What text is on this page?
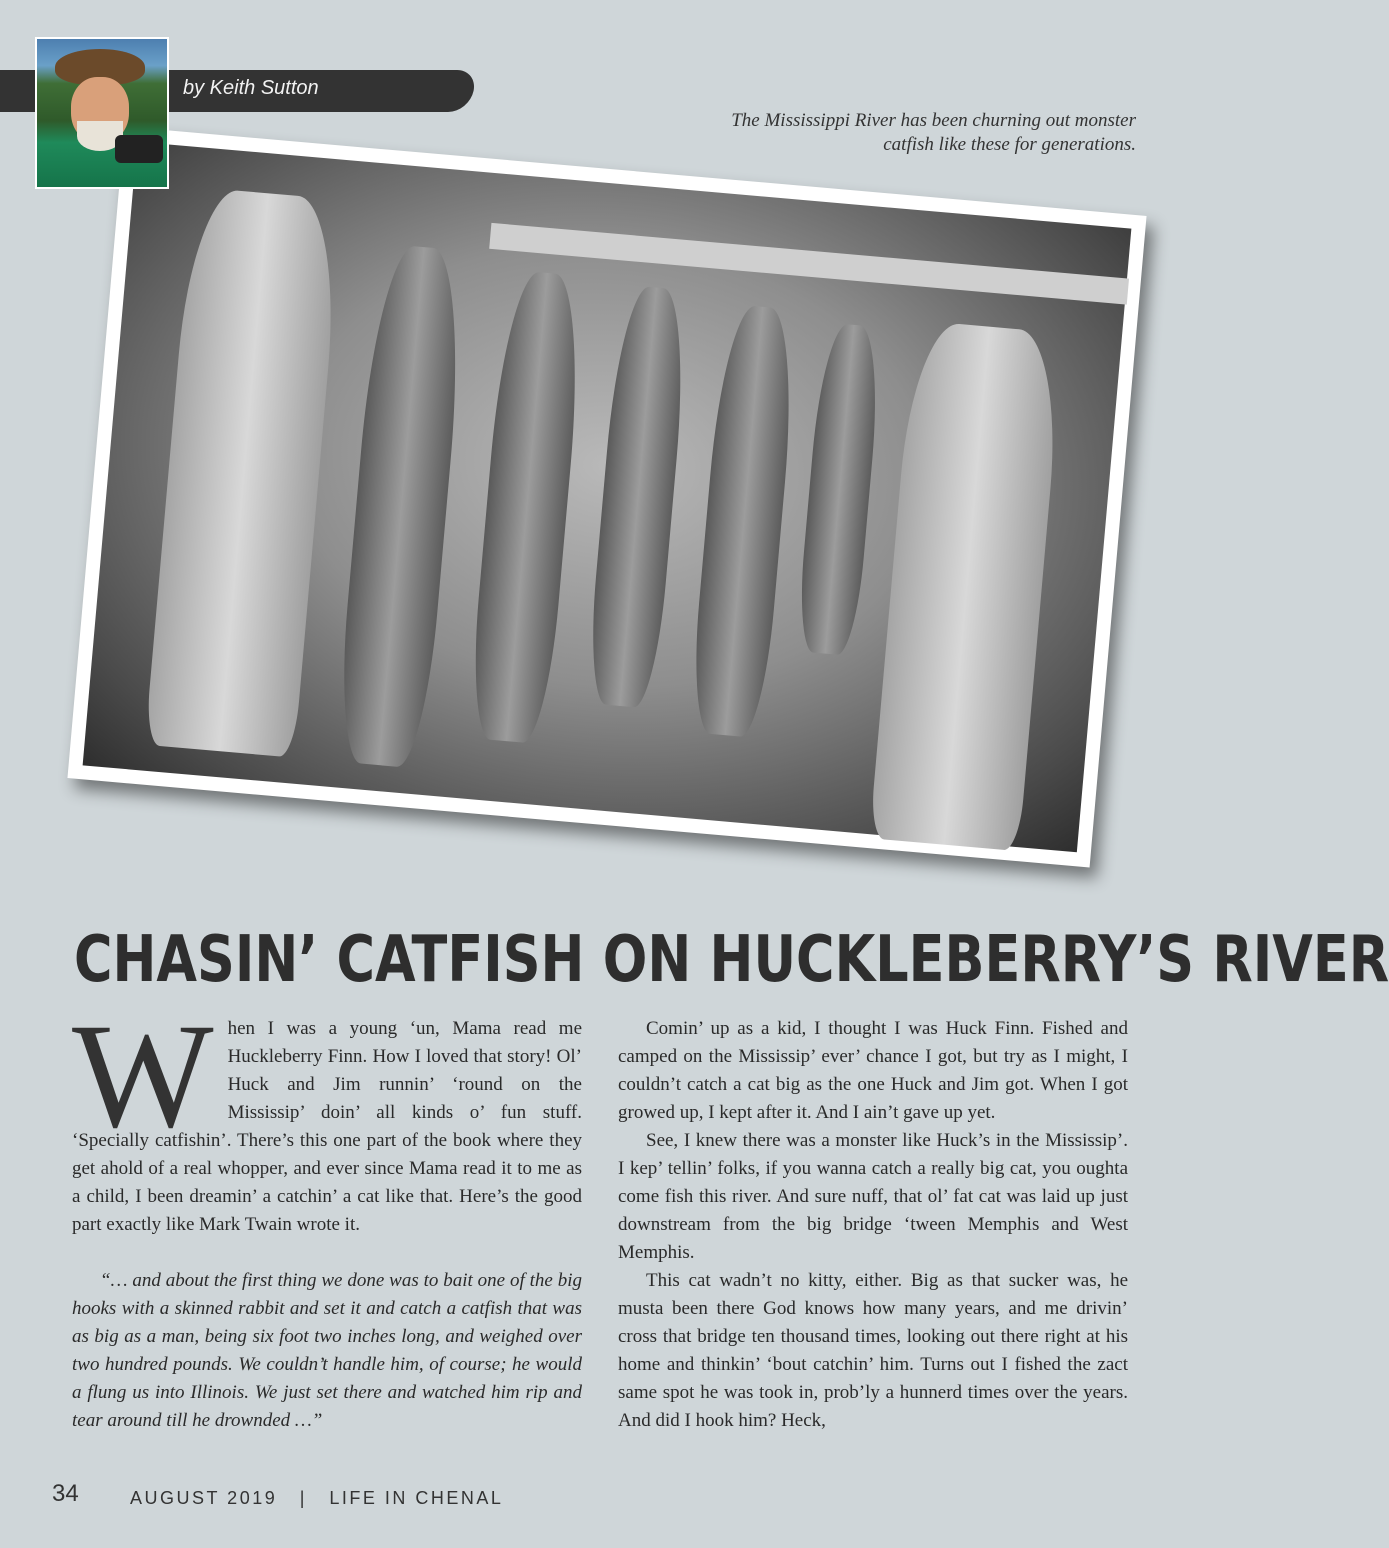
by Keith Sutton
The Mississippi River has been churning out monster catfish like these for generations.
CHASIN’ CATFISH ON HUCKLEBERRY’S RIVER

When I was a young ‘un, Mama read me Huckleberry Finn. How I loved that story! Ol’ Huck and Jim runnin’ ‘round on the Mississip’ doin’ all kinds o’ fun stuff. ‘Specially catfishin’. There’s this one part of the book where they get ahold of a real whopper, and ever since Mama read it to me as a child, I been dreamin’ a catchin’ a cat like that. Here’s the good part exactly like Mark Twain wrote it.

“… and about the first thing we done was to bait one of the big hooks with a skinned rabbit and set it and catch a catfish that was as big as a man, being six foot two inches long, and weighed over two hundred pounds. We couldn’t handle him, of course; he would a flung us into Illinois. We just set there and watched him rip and tear around till he drownded …”

Comin’ up as a kid, I thought I was Huck Finn. Fished and camped on the Mississip’ ever’ chance I got, but try as I might, I couldn’t catch a cat big as the one Huck and Jim got. When I got growed up, I kept after it. And I ain’t gave up yet.

See, I knew there was a monster like Huck’s in the Mississip’. I kep’ tellin’ folks, if you wanna catch a really big cat, you oughta come fish this river. And sure nuff, that ol’ fat cat was laid up just downstream from the big bridge ‘tween Memphis and West Memphis.

This cat wadn’t no kitty, either. Big as that sucker was, he musta been there God knows how many years, and me drivin’ cross that bridge ten thousand times, looking out there right at his home and thinkin’ ‘bout catchin’ him. Turns out I fished the zact same spot he was took in, prob’ly a hunnerd times over the years. And did I hook him? Heck,

34	AUGUST 2019   |   LIFE IN CHENAL
